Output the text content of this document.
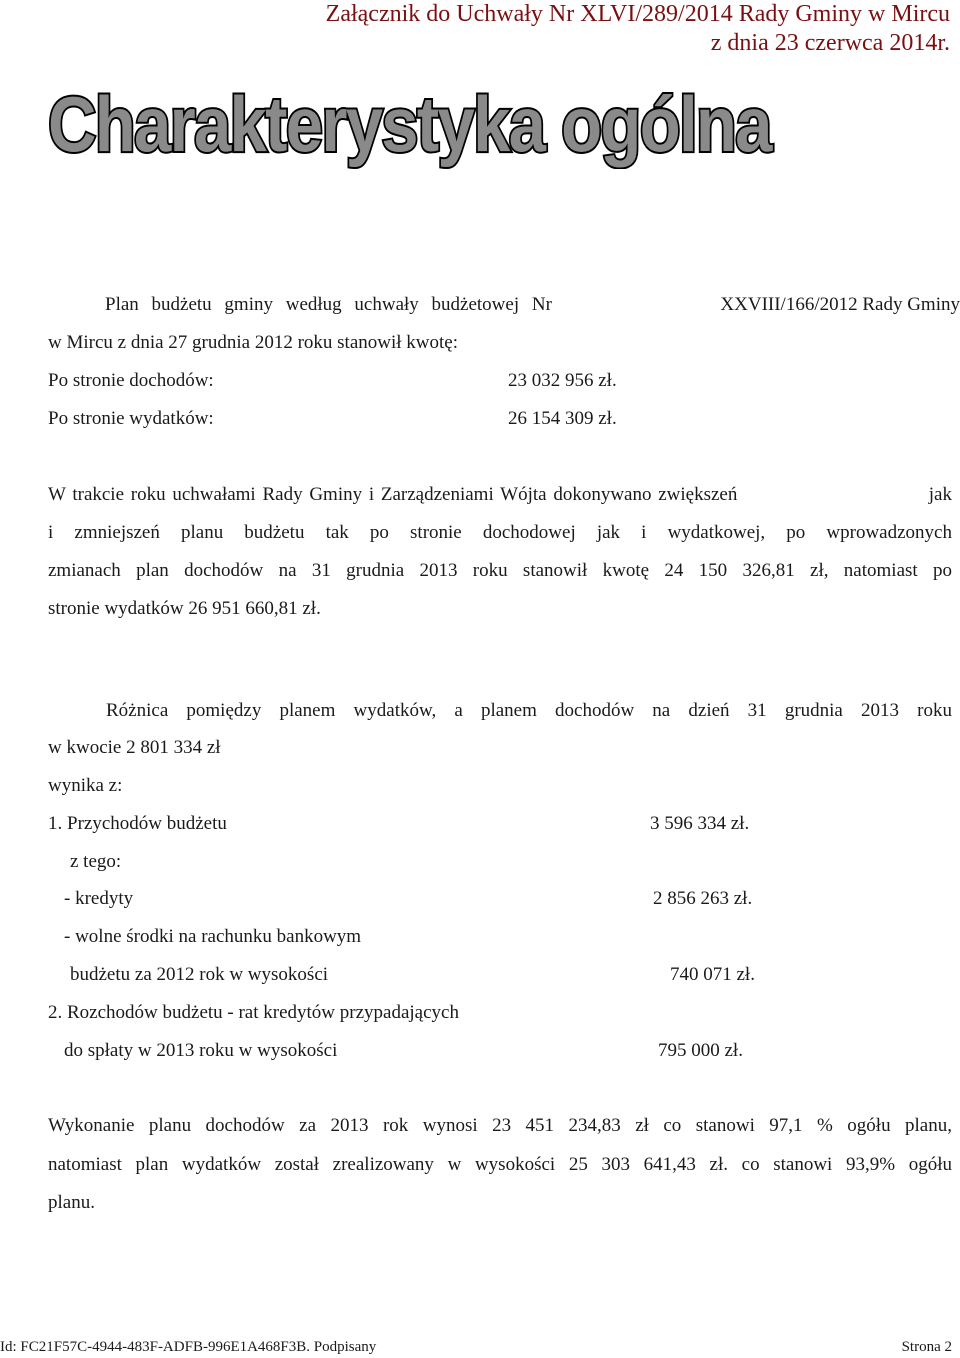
Załącznik do Uchwały Nr XLVI/289/2014 Rady Gminy w Mircu
z dnia 23 czerwca 2014r.
Charakterystyka ogólna
Plan budżetu gminy według uchwały budżetowej Nr	XXVIII/166/2012 Rady Gminy
w Mircu z dnia 27 grudnia 2012 roku stanowił kwotę:
Po stronie dochodów:	23 032 956 zł.
Po stronie wydatków:	26 154 309 zł.
W trakcie roku uchwałami Rady Gminy i Zarządzeniami Wójta dokonywano zwiększeń	jak
i zmniejszeń planu budżetu tak po stronie dochodowej jak i wydatkowej, po wprowadzonych
zmianach plan dochodów na 31 grudnia 2013 roku stanowił kwotę 24 150 326,81 zł, natomiast po
stronie wydatków 26 951 660,81 zł.
Różnica pomiędzy planem wydatków, a planem dochodów na dzień 31 grudnia 2013 roku
w kwocie 2 801 334 zł
wynika z:
1. Przychodów budżetu	3 596 334 zł.
z tego:
- kredyty	2 856 263 zł.
- wolne środki na rachunku bankowym
budżetu za 2012 rok w wysokości	740 071 zł.
2. Rozchodów budżetu - rat kredytów przypadających
do spłaty w 2013 roku w wysokości	795 000 zł.
Wykonanie planu dochodów za 2013 rok wynosi 23 451 234,83 zł co stanowi 97,1 % ogółu planu,
natomiast plan wydatków został zrealizowany w wysokości 25 303 641,43 zł. co stanowi 93,9% ogółu
planu.
Id: FC21F57C-4944-483F-ADFB-996E1A468F3B. Podpisany	Strona 2
